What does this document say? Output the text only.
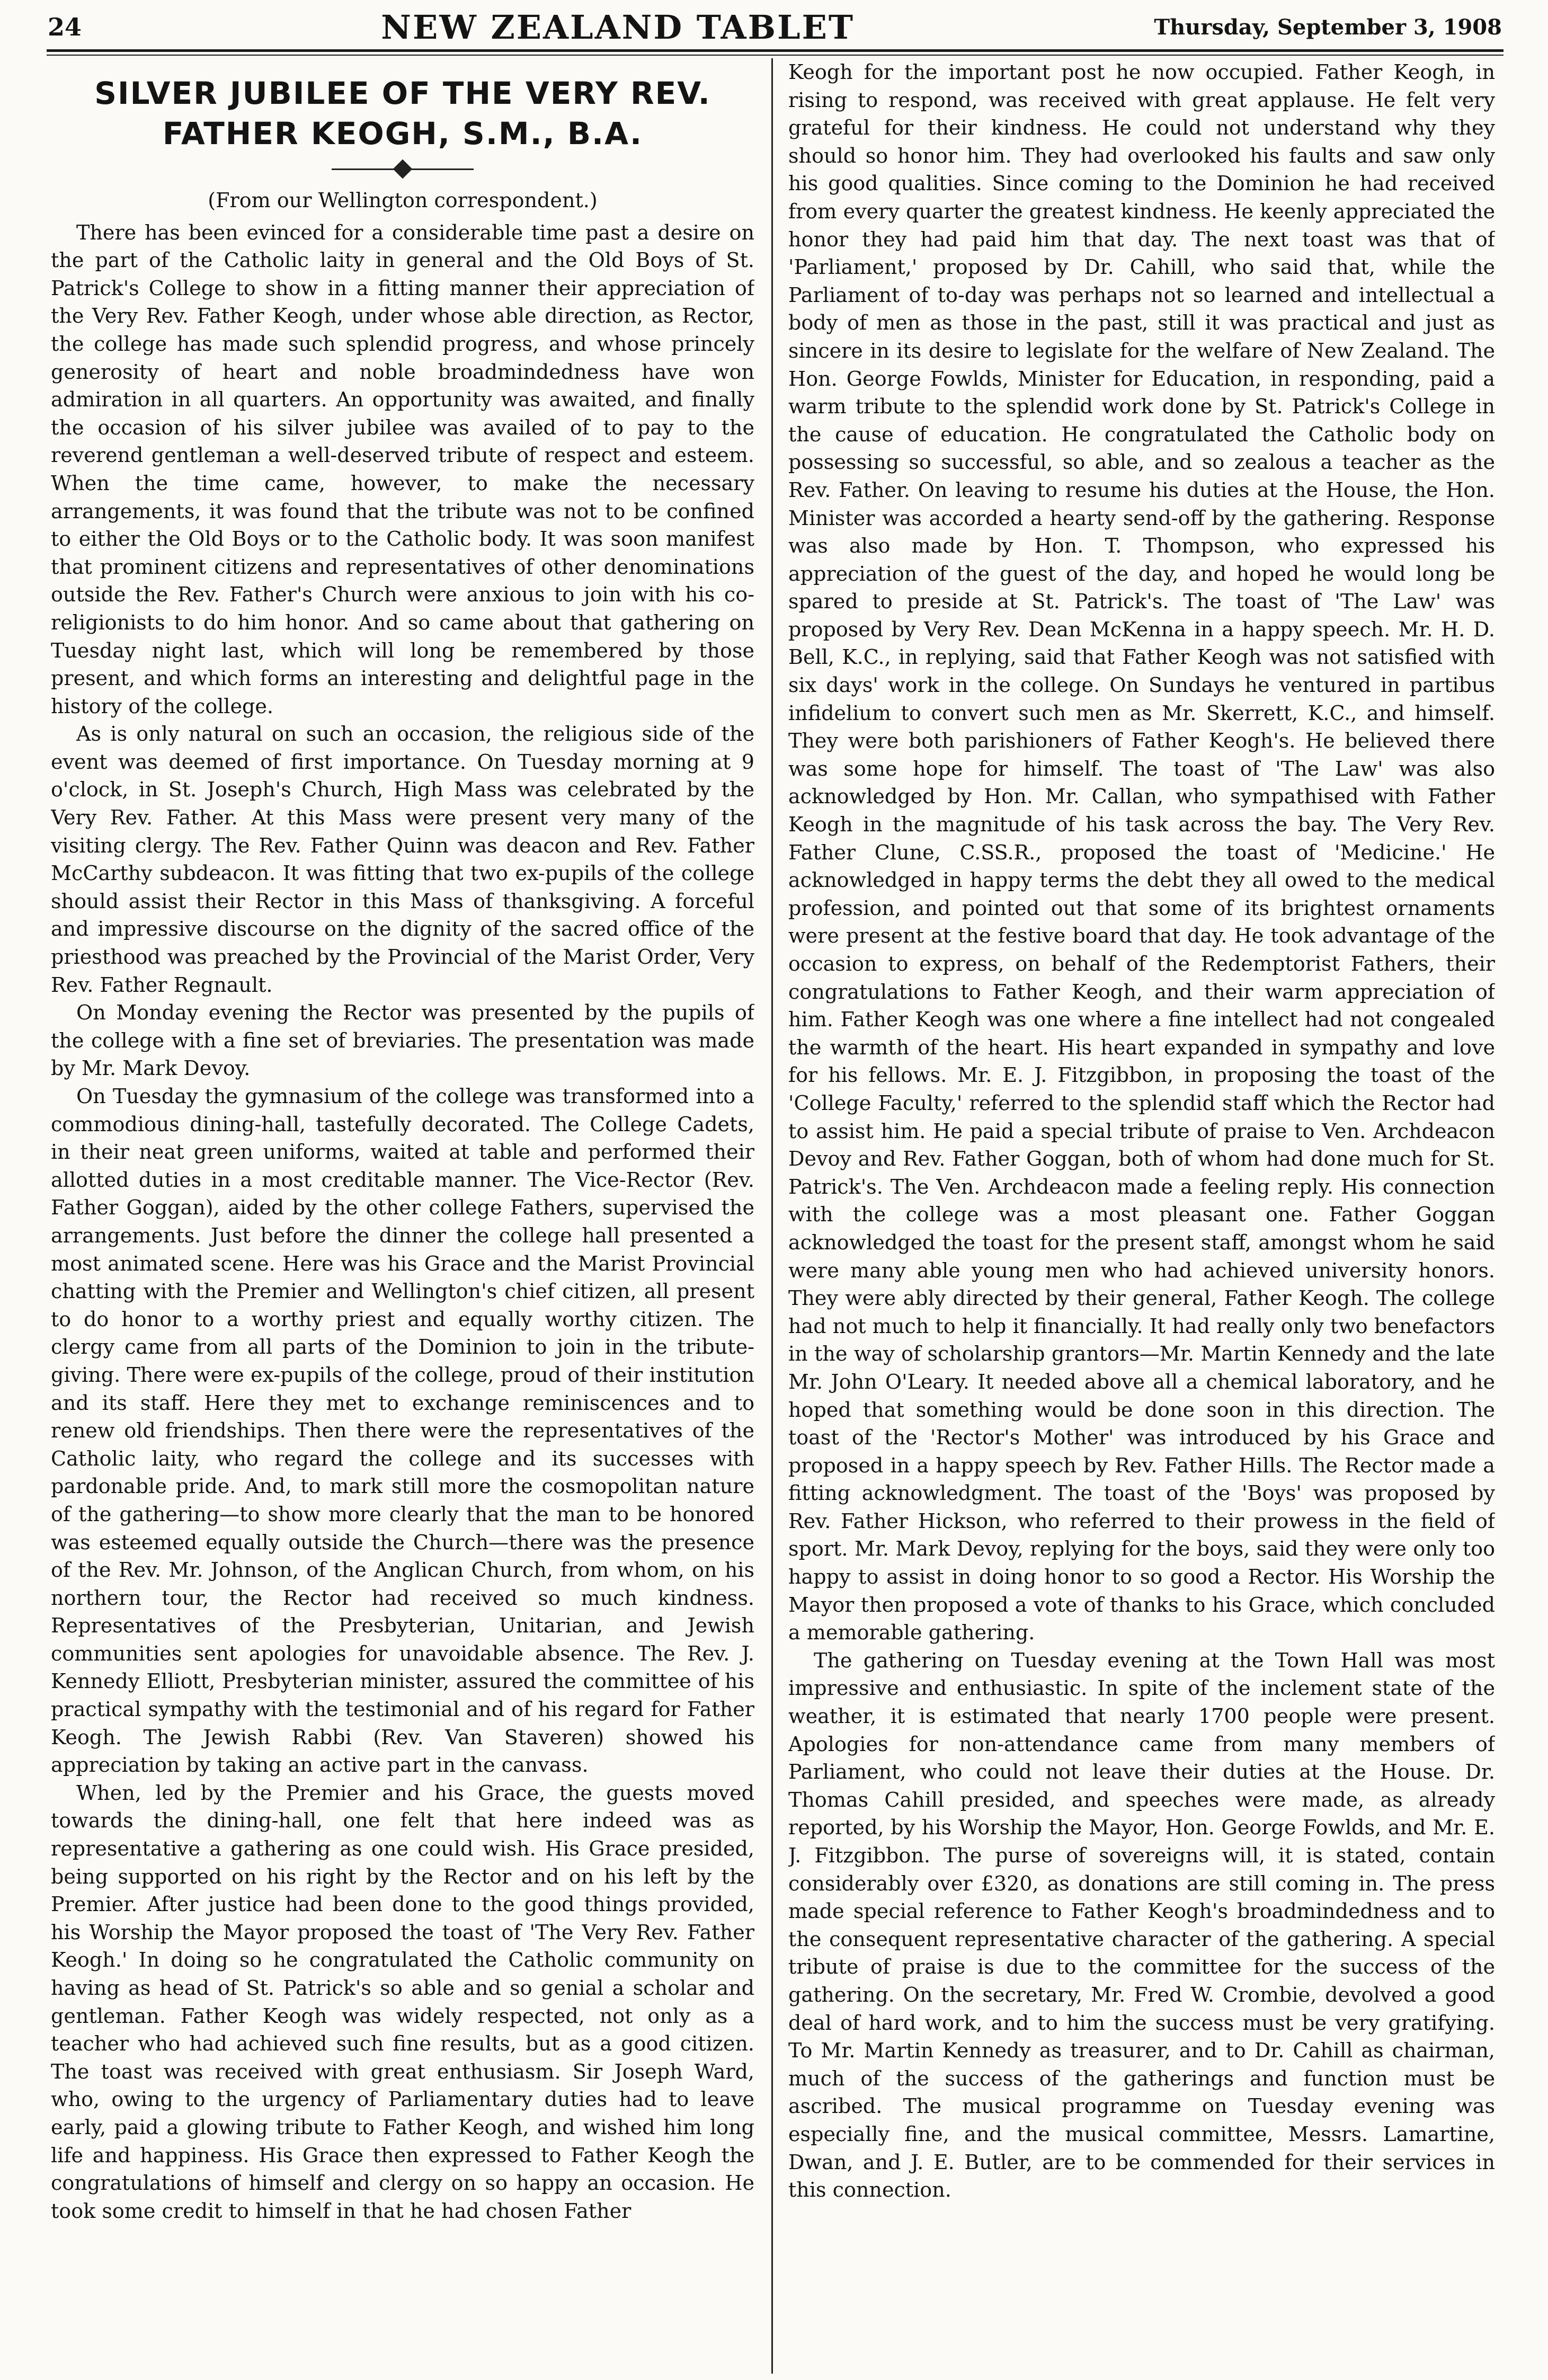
24	NEW ZEALAND TABLET	Thursday, September 3, 1908
SILVER JUBILEE OF THE VERY REV.
FATHER KEOGH, S.M., B.A.

(From our Wellington correspondent.)

There has been evinced for a considerable time past a desire on the part of the Catholic laity in general and the Old Boys of St. Patrick's College to show in a fitting manner their appreciation of the Very Rev. Father Keogh, under whose able direction, as Rector, the college has made such splendid progress, and whose princely generosity of heart and noble broadmindedness have won admiration in all quarters. An opportunity was awaited, and finally the occasion of his silver jubilee was availed of to pay to the reverend gentleman a well-deserved tribute of respect and esteem. When the time came, however, to make the necessary arrangements, it was found that the tribute was not to be confined to either the Old Boys or to the Catholic body. It was soon manifest that prominent citizens and representatives of other denominations outside the Rev. Father's Church were anxious to join with his co-religionists to do him honor. And so came about that gathering on Tuesday night last, which will long be remembered by those present, and which forms an interesting and delightful page in the history of the college.

As is only natural on such an occasion, the religious side of the event was deemed of first importance. On Tuesday morning at 9 o'clock, in St. Joseph's Church, High Mass was celebrated by the Very Rev. Father. At this Mass were present very many of the visiting clergy. The Rev. Father Quinn was deacon and Rev. Father McCarthy subdeacon. It was fitting that two ex-pupils of the college should assist their Rector in this Mass of thanksgiving. A forceful and impressive discourse on the dignity of the sacred office of the priesthood was preached by the Provincial of the Marist Order, Very Rev. Father Regnault.

On Monday evening the Rector was presented by the pupils of the college with a fine set of breviaries. The presentation was made by Mr. Mark Devoy.

On Tuesday the gymnasium of the college was transformed into a commodious dining-hall, tastefully decorated. The College Cadets, in their neat green uniforms, waited at table and performed their allotted duties in a most creditable manner. The Vice-Rector (Rev. Father Goggan), aided by the other college Fathers, supervised the arrangements. Just before the dinner the college hall presented a most animated scene. Here was his Grace and the Marist Provincial chatting with the Premier and Wellington's chief citizen, all present to do honor to a worthy priest and equally worthy citizen. The clergy came from all parts of the Dominion to join in the tribute-giving. There were ex-pupils of the college, proud of their institution and its staff. Here they met to exchange reminiscences and to renew old friendships. Then there were the representatives of the Catholic laity, who regard the college and its successes with pardonable pride. And, to mark still more the cosmopolitan nature of the gathering—to show more clearly that the man to be honored was esteemed equally outside the Church—there was the presence of the Rev. Mr. Johnson, of the Anglican Church, from whom, on his northern tour, the Rector had received so much kindness. Representatives of the Presbyterian, Unitarian, and Jewish communities sent apologies for unavoidable absence. The Rev. J. Kennedy Elliott, Presbyterian minister, assured the committee of his practical sympathy with the testimonial and of his regard for Father Keogh. The Jewish Rabbi (Rev. Van Staveren) showed his appreciation by taking an active part in the canvass.

When, led by the Premier and his Grace, the guests moved towards the dining-hall, one felt that here indeed was as representative a gathering as one could wish. His Grace presided, being supported on his right by the Rector and on his left by the Premier. After justice had been done to the good things provided, his Worship the Mayor proposed the toast of 'The Very Rev. Father Keogh.' In doing so he congratulated the Catholic community on having as head of St. Patrick's so able and so genial a scholar and gentleman. Father Keogh was widely respected, not only as a teacher who had achieved such fine results, but as a good citizen. The toast was received with great enthusiasm. Sir Joseph Ward, who, owing to the urgency of Parliamentary duties had to leave early, paid a glowing tribute to Father Keogh, and wished him long life and happiness. His Grace then expressed to Father Keogh the congratulations of himself and clergy on so happy an occasion. He took some credit to himself in that he had chosen Father

Keogh for the important post he now occupied. Father Keogh, in rising to respond, was received with great applause. He felt very grateful for their kindness. He could not understand why they should so honor him. They had overlooked his faults and saw only his good qualities. Since coming to the Dominion he had received from every quarter the greatest kindness. He keenly appreciated the honor they had paid him that day. The next toast was that of 'Parliament,' proposed by Dr. Cahill, who said that, while the Parliament of to-day was perhaps not so learned and intellectual a body of men as those in the past, still it was practical and just as sincere in its desire to legislate for the welfare of New Zealand. The Hon. George Fowlds, Minister for Education, in responding, paid a warm tribute to the splendid work done by St. Patrick's College in the cause of education. He congratulated the Catholic body on possessing so successful, so able, and so zealous a teacher as the Rev. Father. On leaving to resume his duties at the House, the Hon. Minister was accorded a hearty send-off by the gathering. Response was also made by Hon. T. Thompson, who expressed his appreciation of the guest of the day, and hoped he would long be spared to preside at St. Patrick's. The toast of 'The Law' was proposed by Very Rev. Dean McKenna in a happy speech. Mr. H. D. Bell, K.C., in replying, said that Father Keogh was not satisfied with six days' work in the college. On Sundays he ventured in partibus infidelium to convert such men as Mr. Skerrett, K.C., and himself. They were both parishioners of Father Keogh's. He believed there was some hope for himself. The toast of 'The Law' was also acknowledged by Hon. Mr. Callan, who sympathised with Father Keogh in the magnitude of his task across the bay. The Very Rev. Father Clune, C.SS.R., proposed the toast of 'Medicine.' He acknowledged in happy terms the debt they all owed to the medical profession, and pointed out that some of its brightest ornaments were present at the festive board that day. He took advantage of the occasion to express, on behalf of the Redemptorist Fathers, their congratulations to Father Keogh, and their warm appreciation of him. Father Keogh was one where a fine intellect had not congealed the warmth of the heart. His heart expanded in sympathy and love for his fellows. Mr. E. J. Fitzgibbon, in proposing the toast of the 'College Faculty,' referred to the splendid staff which the Rector had to assist him. He paid a special tribute of praise to Ven. Archdeacon Devoy and Rev. Father Goggan, both of whom had done much for St. Patrick's. The Ven. Archdeacon made a feeling reply. His connection with the college was a most pleasant one. Father Goggan acknowledged the toast for the present staff, amongst whom he said were many able young men who had achieved university honors. They were ably directed by their general, Father Keogh. The college had not much to help it financially. It had really only two benefactors in the way of scholarship grantors—Mr. Martin Kennedy and the late Mr. John O'Leary. It needed above all a chemical laboratory, and he hoped that something would be done soon in this direction. The toast of the 'Rector's Mother' was introduced by his Grace and proposed in a happy speech by Rev. Father Hills. The Rector made a fitting acknowledgment. The toast of the 'Boys' was proposed by Rev. Father Hickson, who referred to their prowess in the field of sport. Mr. Mark Devoy, replying for the boys, said they were only too happy to assist in doing honor to so good a Rector. His Worship the Mayor then proposed a vote of thanks to his Grace, which concluded a memorable gathering.

The gathering on Tuesday evening at the Town Hall was most impressive and enthusiastic. In spite of the inclement state of the weather, it is estimated that nearly 1700 people were present. Apologies for non-attendance came from many members of Parliament, who could not leave their duties at the House. Dr. Thomas Cahill presided, and speeches were made, as already reported, by his Worship the Mayor, Hon. George Fowlds, and Mr. E. J. Fitzgibbon. The purse of sovereigns will, it is stated, contain considerably over £320, as donations are still coming in. The press made special reference to Father Keogh's broadmindedness and to the consequent representative character of the gathering. A special tribute of praise is due to the committee for the success of the gathering. On the secretary, Mr. Fred W. Crombie, devolved a good deal of hard work, and to him the success must be very gratifying. To Mr. Martin Kennedy as treasurer, and to Dr. Cahill as chairman, much of the success of the gatherings and function must be ascribed. The musical programme on Tuesday evening was especially fine, and the musical committee, Messrs. Lamartine, Dwan, and J. E. Butler, are to be commended for their services in this connection.
